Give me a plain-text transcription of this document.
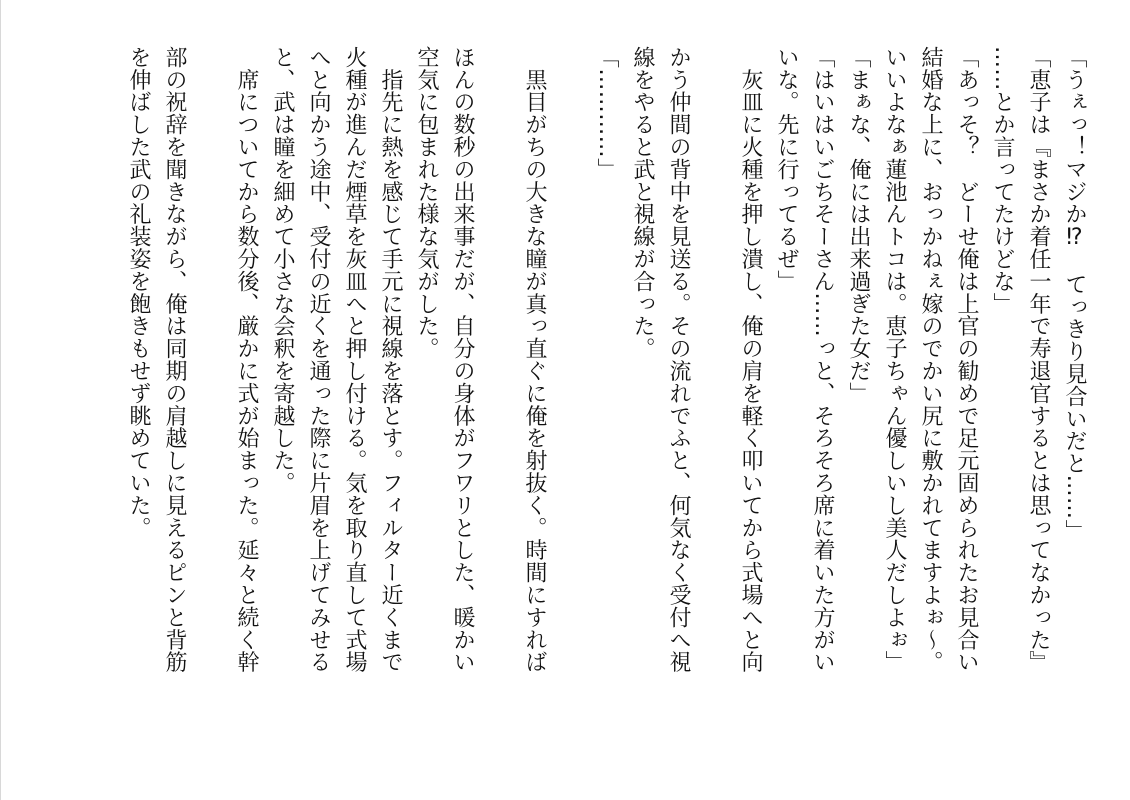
「うぇっ！マジか⁉　てっきり見合いだと……」
「恵子は『まさか着任一年で寿退官するとは思ってなかった』
……とか言ってたけどな」
「あっそ？　どーせ俺は上官の勧めで足元固められたお見合い
結婚な上に、おっかねぇ嫁のでかい尻に敷かれてますよぉ～。
いいよなぁ蓮池んトコは。恵子ちゃん優しいし美人だしよぉ」
「まぁな、俺には出来過ぎた女だ」
「はいはいごちそーさん……っと、そろそろ席に着いた方がい
いな。先に行ってるぜ」
　灰皿に火種を押し潰し、俺の肩を軽く叩いてから式場へと向
かう仲間の背中を見送る。その流れでふと、何気なく受付へ視
線をやると武と視線が合った。
「…………」
　黒目がちの大きな瞳が真っ直ぐに俺を射抜く。時間にすれば
ほんの数秒の出来事だが、自分の身体がフワリとした、暖かい
空気に包まれた様な気がした。
　指先に熱を感じて手元に視線を落とす。フィルター近くまで
火種が進んだ煙草を灰皿へと押し付ける。気を取り直して式場
へと向かう途中、受付の近くを通った際に片眉を上げてみせる
と、武は瞳を細めて小さな会釈を寄越した。
　席についてから数分後、厳かに式が始まった。延々と続く幹
部の祝辞を聞きながら、俺は同期の肩越しに見えるピンと背筋
を伸ばした武の礼装姿を飽きもせず眺めていた。
